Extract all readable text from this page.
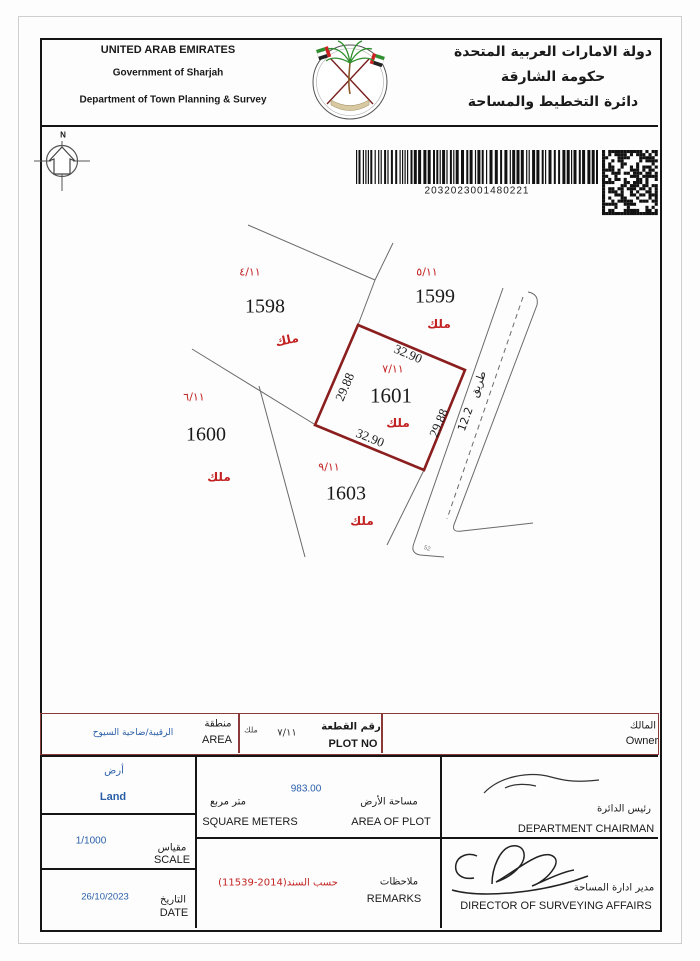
UNITED ARAB EMIRATES
Government of Sharjah
Department of Town Planning & Survey
دولة الامارات العربية المتحدة
حكومة الشارقة
دائرة التخطيط والمساحة
N
2032023001480221
٤/١١
1598
ملك
٥/١١
1599
ملك
٦/١١
1600
ملك
٩/١١
1603
ملك
٧/١١
1601
ملك
32.90
29.88
29.88
32.90
طريق 12.2
52
الرقيبة/ضاحية السيوح
منطقة
AREA
ملك ٧/١١
رقم القطعة
PLOT NO
المالك
Owner
أرض
Land
1/1000
مقياس
SCALE
26/10/2023	التاريخ
DATE
983.00
متر مربع
SQUARE METERS
مساحة الأرض
AREA OF PLOT
حسب السند(2014-11539)	ملاحظات
REMARKS
رئيس الدائرة
DEPARTMENT CHAIRMAN
مدير ادارة المساحة
DIRECTOR OF SURVEYING AFFAIRS
